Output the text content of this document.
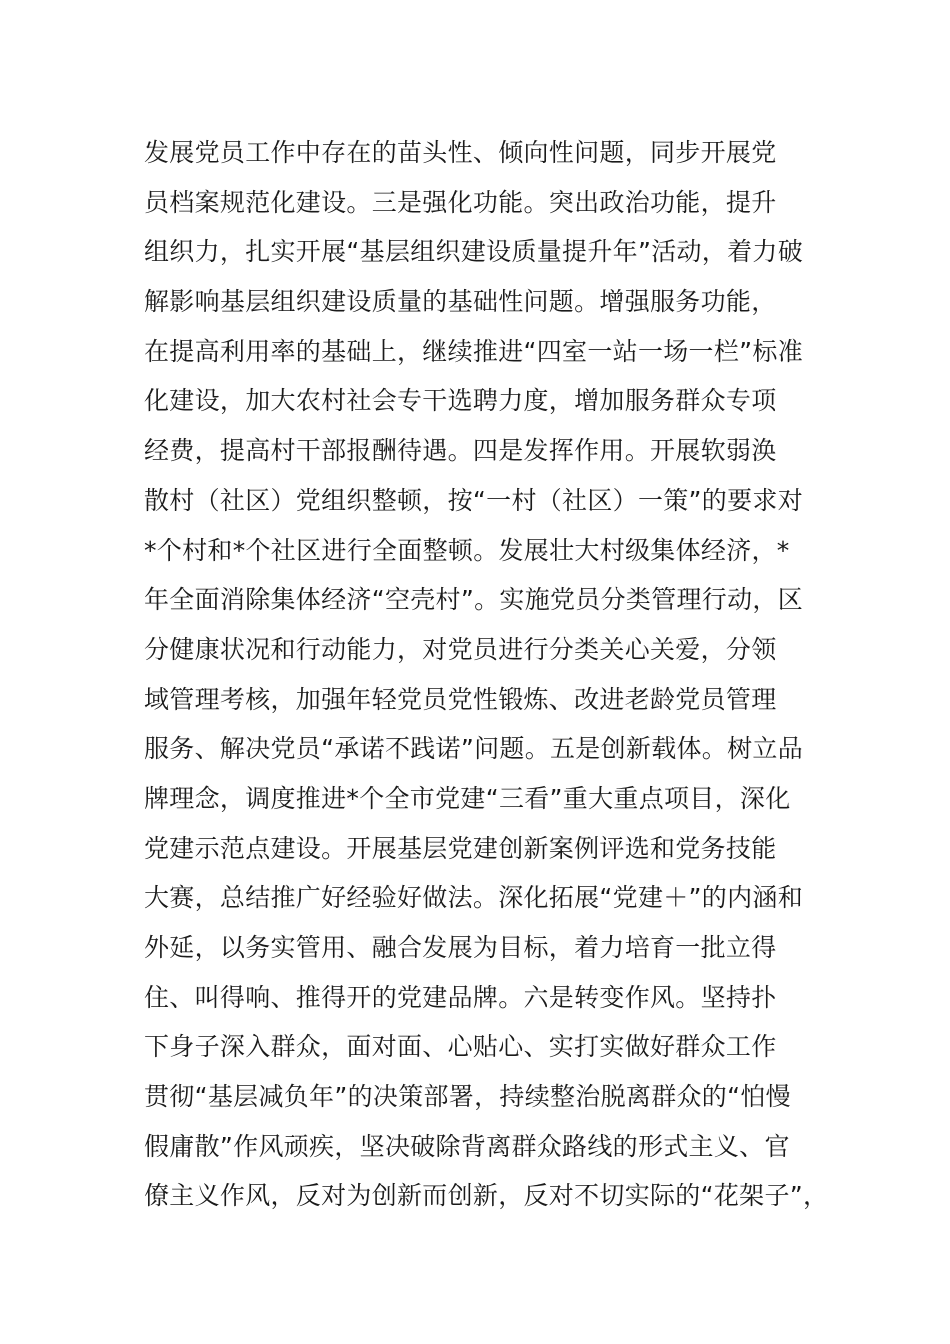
发展党员工作中存在的苗头性、倾向性问题，同步开展党
员档案规范化建设。三是强化功能。突出政治功能，提升
组织力，扎实开展“基层组织建设质量提升年”活动，着力破
解影响基层组织建设质量的基础性问题。增强服务功能，
在提高利用率的基础上，继续推进“四室一站一场一栏”标准
化建设，加大农村社会专干选聘力度，增加服务群众专项
经费，提高村干部报酬待遇。四是发挥作用。开展软弱涣
散村（社区）党组织整顿，按“一村（社区）一策”的要求对
*个村和*个社区进行全面整顿。发展壮大村级集体经济，*
年全面消除集体经济“空壳村”。实施党员分类管理行动，区
分健康状况和行动能力，对党员进行分类关心关爱，分领
域管理考核，加强年轻党员党性锻炼、改进老龄党员管理
服务、解决党员“承诺不践诺”问题。五是创新载体。树立品
牌理念，调度推进*个全市党建“三看”重大重点项目，深化
党建示范点建设。开展基层党建创新案例评选和党务技能
大赛，总结推广好经验好做法。深化拓展“党建＋”的内涵和
外延，以务实管用、融合发展为目标，着力培育一批立得
住、叫得响、推得开的党建品牌。六是转变作风。坚持扑
下身子深入群众，面对面、心贴心、实打实做好群众工作
贯彻“基层减负年”的决策部署，持续整治脱离群众的“怕慢
假庸散”作风顽疾，坚决破除背离群众路线的形式主义、官
僚主义作风，反对为创新而创新，反对不切实际的“花架子”，
